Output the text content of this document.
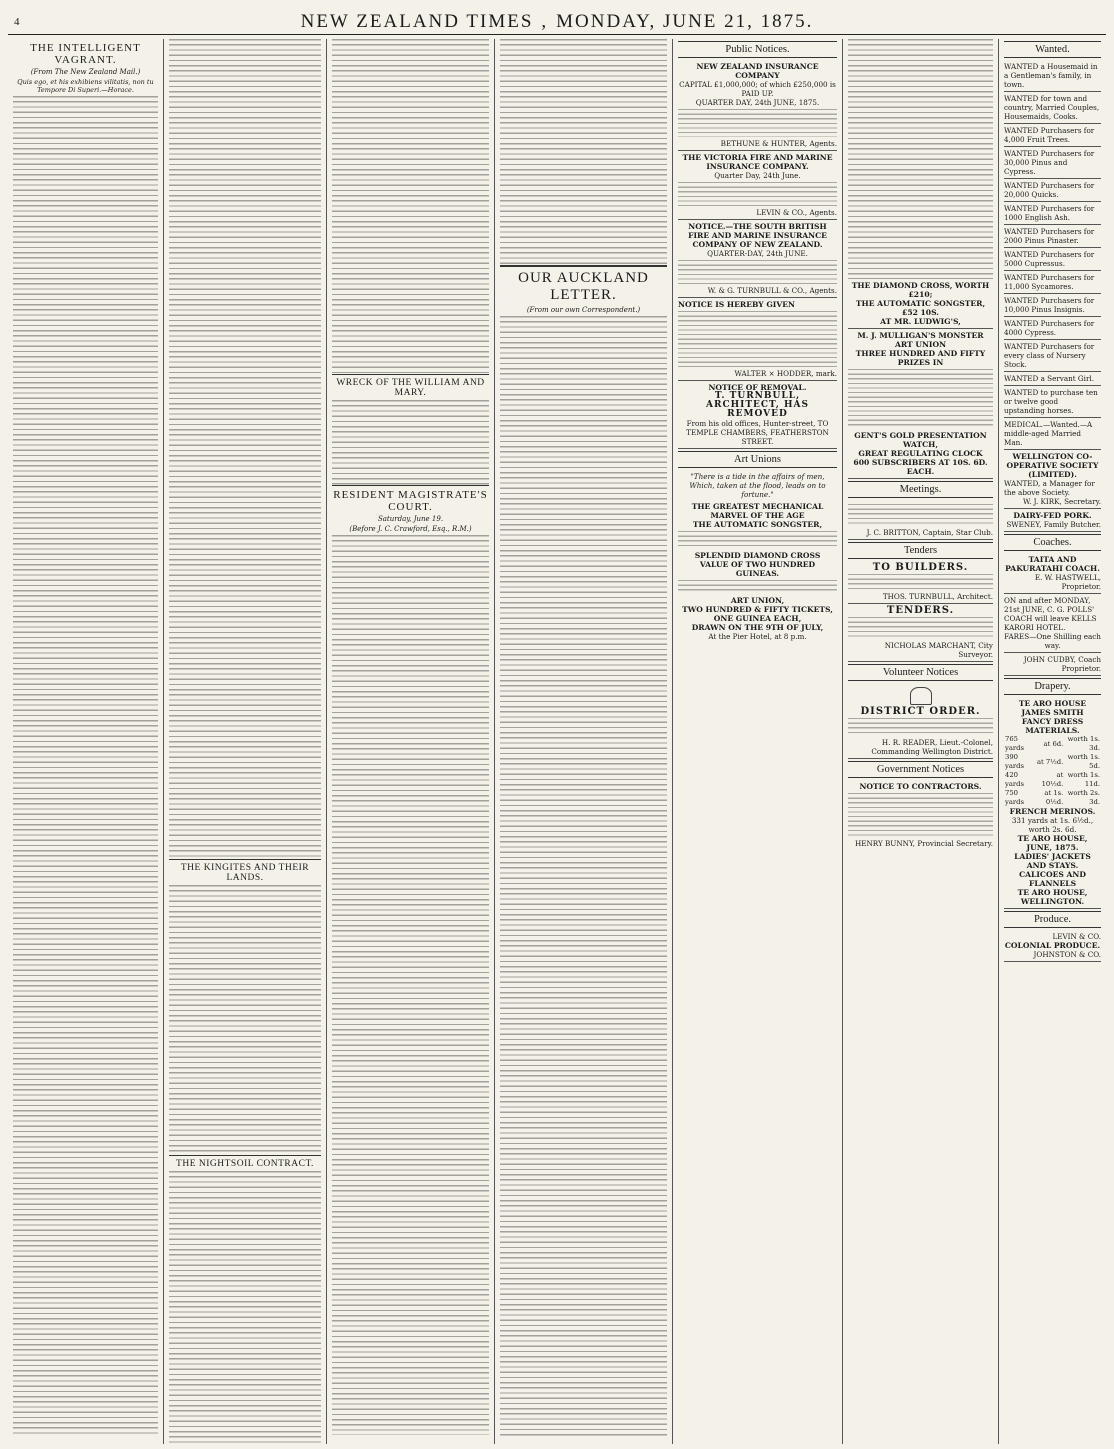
4	NEW ZEALAND TIMES , MONDAY, JUNE 21, 1875.
THE INTELLIGENT VAGRANT.
(From The New Zealand Mail.)
Quis ego, et his exhibiens vilitatis, non tu Tempore Di Superi.—Horace.
THE KINGITES AND THEIR LANDS.
THE NIGHTSOIL CONTRACT.
WRECK OF THE WILLIAM AND MARY.
RESIDENT MAGISTRATE'S COURT.
Saturday, June 19.
(Before J. C. Crawford, Esq., R.M.)
OUR AUCKLAND LETTER.
(From our own Correspondent.)
Public Notices.
NEW ZEALAND INSURANCE COMPANY
CAPITAL £1,000,000; of which £250,000 is PAID UP.
QUARTER DAY, 24th JUNE, 1875.
BETHUNE & HUNTER, Agents.
THE VICTORIA FIRE AND MARINE INSURANCE COMPANY.
Quarter Day, 24th June.
LEVIN & CO., Agents.
NOTICE.—THE SOUTH BRITISH FIRE AND MARINE INSURANCE COMPANY OF NEW ZEALAND.
QUARTER-DAY, 24th JUNE.
W. & G. TURNBULL & CO., Agents.
NOTICE IS HEREBY GIVEN
WALTER × HODDER, mark.
NOTICE OF REMOVAL.
T. TURNBULL, ARCHITECT, HAS REMOVED
From his old offices, Hunter-street, TO TEMPLE CHAMBERS, FEATHERSTON STREET.
Art Unions
"There is a tide in the affairs of men, Which, taken at the flood, leads on to fortune."
THE GREATEST MECHANICAL MARVEL OF THE AGE
THE AUTOMATIC SONGSTER,
SPLENDID DIAMOND CROSS
VALUE OF TWO HUNDRED GUINEAS.
ART UNION,
TWO HUNDRED & FIFTY TICKETS,
ONE GUINEA EACH,
DRAWN ON THE 9TH OF JULY,
At the Pier Hotel, at 8 p.m.
THE DIAMOND CROSS, WORTH £210;
THE AUTOMATIC SONGSTER, £52 10S.
AT MR. LUDWIG'S,
M. J. MULLIGAN'S MONSTER ART UNION
THREE HUNDRED AND FIFTY PRIZES IN
GENT'S GOLD PRESENTATION WATCH,
GREAT REGULATING CLOCK
600 SUBSCRIBERS AT 10S. 6D. EACH.
Meetings.
J. C. BRITTON, Captain, Star Club.
Tenders
TO BUILDERS.
THOS. TURNBULL, Architect.
TENDERS.
NICHOLAS MARCHANT, City Surveyor.
Volunteer Notices
DISTRICT ORDER.
H. R. READER, Lieut.-Colonel, Commanding Wellington District.
Government Notices
NOTICE TO CONTRACTORS.
HENRY BUNNY, Provincial Secretary.
Wanted.
WANTED a Housemaid in a Gentleman's family, in town.
WANTED for town and country, Married Couples, Housemaids, Cooks.
WANTED Purchasers for 4,000 Fruit Trees.
WANTED Purchasers for 30,000 Pinus and Cypress.
WANTED Purchasers for 20,000 Quicks.
WANTED Purchasers for 1000 English Ash.
WANTED Purchasers for 2000 Pinus Pinaster.
WANTED Purchasers for 5000 Cupressus.
WANTED Purchasers for 11,000 Sycamores.
WANTED Purchasers for 10,000 Pinus Insignis.
WANTED Purchasers for 4000 Cypress.
WANTED Purchasers for every class of Nursery Stock.
WANTED a Servant Girl.
WANTED to purchase ten or twelve good upstanding horses.
MEDICAL.—Wanted.—A middle-aged Married Man.
WELLINGTON CO-OPERATIVE SOCIETY (LIMITED).
WANTED, a Manager for the above Society.
W. J. KIRK, Secretary.
DAIRY-FED PORK.
SWENEY, Family Butcher.
Coaches.
TAITA AND PAKURATAHI COACH.
E. W. HASTWELL, Proprietor.
ON and after MONDAY, 21st JUNE, C. G. POLLS' COACH will leave KELLS KARORI HOTEL.
FARES—One Shilling each way.
JOHN CUDBY, Coach Proprietor.
Drapery.
TE ARO HOUSE
JAMES SMITH
FANCY DRESS MATERIALS.
765 yards	at 6d.	worth 1s. 3d.
390 yards	at 7½d.	worth 1s. 5d.
420 yards	at 10½d.	worth 1s. 11d.
750 yards	at 1s. 0½d.	worth 2s. 3d.
FRENCH MERINOS.
331 yards at 1s. 6½d., worth 2s. 6d.
TE ARO HOUSE, JUNE, 1875.
LADIES' JACKETS AND STAYS.
CALICOES AND FLANNELS
TE ARO HOUSE, WELLINGTON.
Produce.
LEVIN & CO.
COLONIAL PRODUCE.
JOHNSTON & CO.
